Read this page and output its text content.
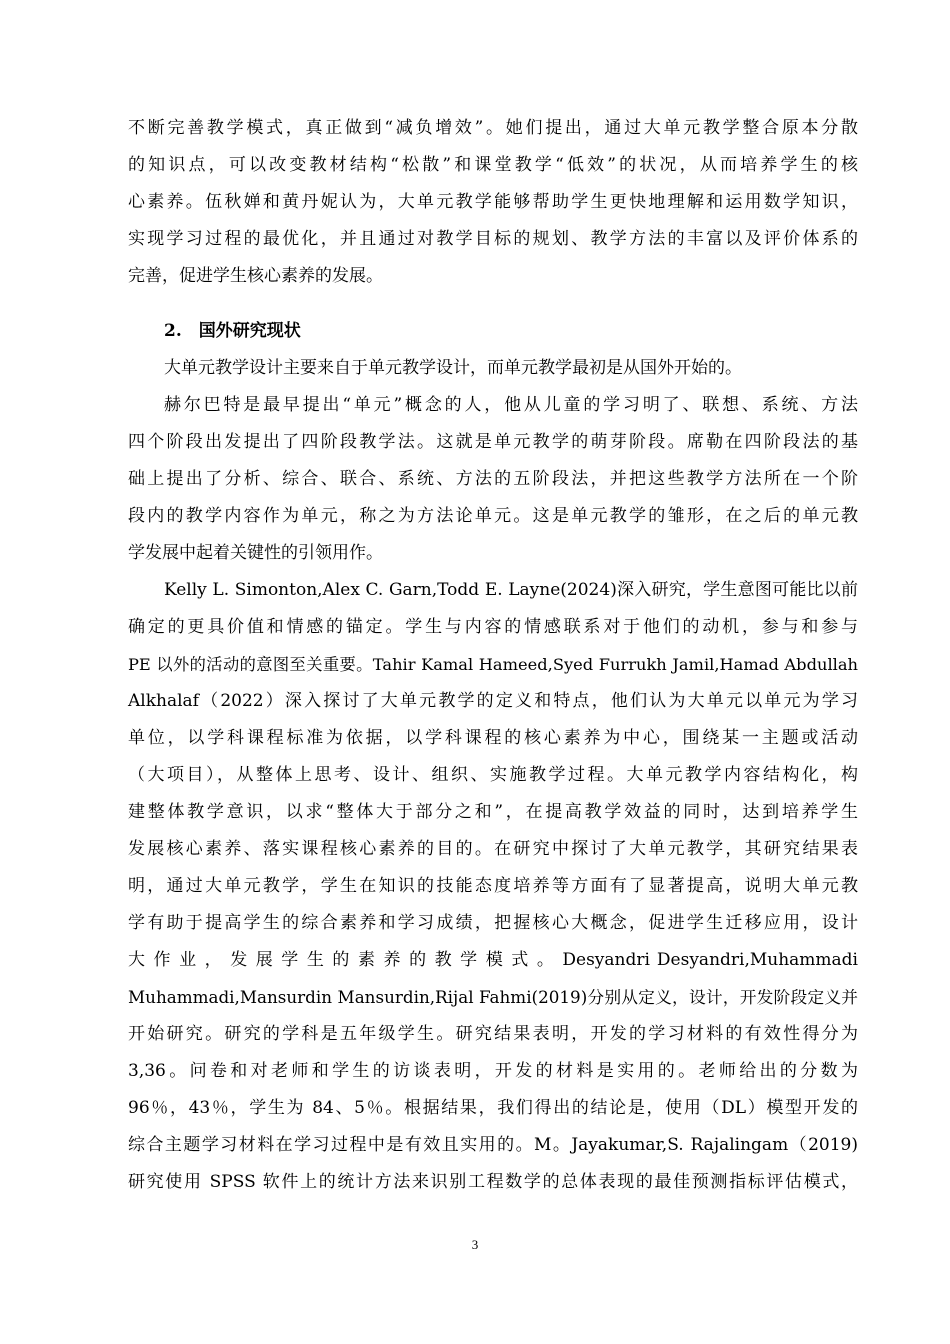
不断完善教学模式，真正做到“减负增效”。她们提出，通过大单元教学整合原本分散
的知识点，可以改变教材结构“松散”和课堂教学“低效”的状况，从而培养学生的核
心素养。伍秋婵和黄丹妮认为，大单元教学能够帮助学生更快地理解和运用数学知识，
实现学习过程的最优化，并且通过对教学目标的规划、教学方法的丰富以及评价体系的
完善，促进学生核心素养的发展。
2.　国外研究现状
大单元教学设计主要来自于单元教学设计，而单元教学最初是从国外开始的。
赫尔巴特是最早提出“单元”概念的人，他从儿童的学习明了、联想、系统、方法
四个阶段出发提出了四阶段教学法。这就是单元教学的萌芽阶段。席勒在四阶段法的基
础上提出了分析、综合、联合、系统、方法的五阶段法，并把这些教学方法所在一个阶
段内的教学内容作为单元，称之为方法论单元。这是单元教学的雏形，在之后的单元教
学发展中起着关键性的引领用作。
Kelly L. Simonton,Alex C. Garn,Todd E. Layne(2024)深入研究，学生意图可能比以前
确定的更具价值和情感的锚定。学生与内容的情感联系对于他们的动机，参与和参与
PE 以外的活动的意图至关重要。Tahir Kamal Hameed,Syed Furrukh Jamil,Hamad Abdullah
Alkhalaf（2022）深入探讨了大单元教学的定义和特点，他们认为大单元以单元为学习
单位，以学科课程标准为依据，以学科课程的核心素养为中心，围绕某一主题或活动
（大项目），从整体上思考、设计、组织、实施教学过程。大单元教学内容结构化，构
建整体教学意识，以求“整体大于部分之和”，在提高教学效益的同时，达到培养学生
发展核心素养、落实课程核心素养的目的。在研究中探讨了大单元教学，其研究结果表
明，通过大单元教学，学生在知识的技能态度培养等方面有了显著提高，说明大单元教
学有助于提高学生的综合素养和学习成绩，把握核心大概念，促进学生迁移应用，设计
大 作 业 ， 发 展 学 生 的 素 养 的 教 学 模 式 。 Desyandri Desyandri,Muhammadi
Muhammadi,Mansurdin Mansurdin,Rijal Fahmi(2019)分别从定义，设计，开发阶段定义并
开始研究。研究的学科是五年级学生。研究结果表明，开发的学习材料的有效性得分为
3,36。问卷和对老师和学生的访谈表明，开发的材料是实用的。老师给出的分数为
96％，43％，学生为 84、5％。根据结果，我们得出的结论是，使用（DL）模型开发的
综合主题学习材料在学习过程中是有效且实用的。M。Jayakumar,S. Rajalingam（2019)
研究使用 SPSS 软件上的统计方法来识别工程数学的总体表现的最佳预测指标评估模式，
3
